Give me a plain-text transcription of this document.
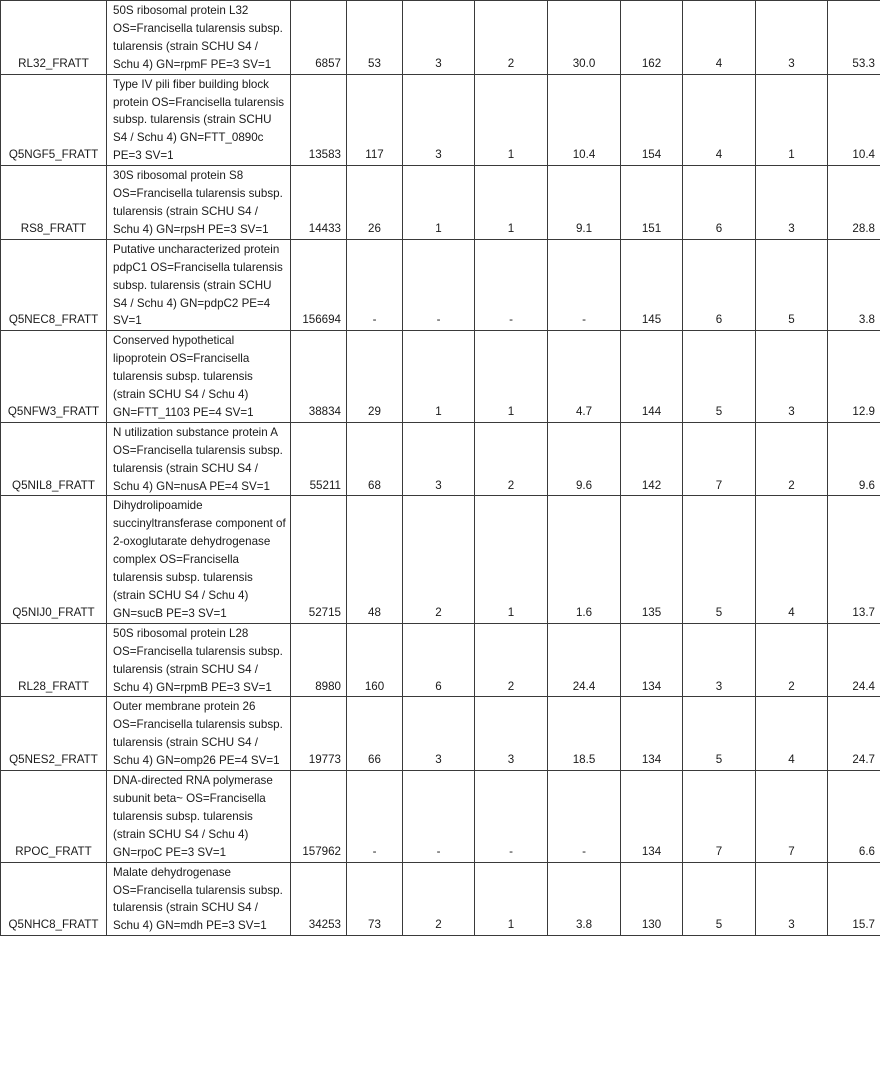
RL32_FRATT	50S ribosomal protein L32 OS=Francisella tularensis subsp. tularensis (strain SCHU S4 / Schu 4) GN=rpmF PE=3 SV=1	6857	53	3	2	30.0	162	4	3	53.3
Q5NGF5_FRATT	Type IV pili fiber building block protein OS=Francisella tularensis subsp. tularensis (strain SCHU S4 / Schu 4) GN=FTT_0890c PE=3 SV=1	13583	117	3	1	10.4	154	4	1	10.4
RS8_FRATT	30S ribosomal protein S8 OS=Francisella tularensis subsp. tularensis (strain SCHU S4 / Schu 4) GN=rpsH PE=3 SV=1	14433	26	1	1	9.1	151	6	3	28.8
Q5NEC8_FRATT	Putative uncharacterized protein pdpC1 OS=Francisella tularensis subsp. tularensis (strain SCHU S4 / Schu 4) GN=pdpC2 PE=4 SV=1	156694	-	-	-	-	145	6	5	3.8
Q5NFW3_FRATT	Conserved hypothetical lipoprotein OS=Francisella tularensis subsp. tularensis (strain SCHU S4 / Schu 4) GN=FTT_1103 PE=4 SV=1	38834	29	1	1	4.7	144	5	3	12.9
Q5NIL8_FRATT	N utilization substance protein A OS=Francisella tularensis subsp. tularensis (strain SCHU S4 / Schu 4) GN=nusA PE=4 SV=1	55211	68	3	2	9.6	142	7	2	9.6
Q5NIJ0_FRATT	Dihydrolipoamide succinyltransferase component of 2-oxoglutarate dehydrogenase complex OS=Francisella tularensis subsp. tularensis (strain SCHU S4 / Schu 4) GN=sucB PE=3 SV=1	52715	48	2	1	1.6	135	5	4	13.7
RL28_FRATT	50S ribosomal protein L28 OS=Francisella tularensis subsp. tularensis (strain SCHU S4 / Schu 4) GN=rpmB PE=3 SV=1	8980	160	6	2	24.4	134	3	2	24.4
Q5NES2_FRATT	Outer membrane protein 26 OS=Francisella tularensis subsp. tularensis (strain SCHU S4 / Schu 4) GN=omp26 PE=4 SV=1	19773	66	3	3	18.5	134	5	4	24.7
RPOC_FRATT	DNA-directed RNA polymerase subunit beta~ OS=Francisella tularensis subsp. tularensis (strain SCHU S4 / Schu 4) GN=rpoC PE=3 SV=1	157962	-	-	-	-	134	7	7	6.6
Q5NHC8_FRATT	Malate dehydrogenase OS=Francisella tularensis subsp. tularensis (strain SCHU S4 / Schu 4) GN=mdh PE=3 SV=1	34253	73	2	1	3.8	130	5	3	15.7
